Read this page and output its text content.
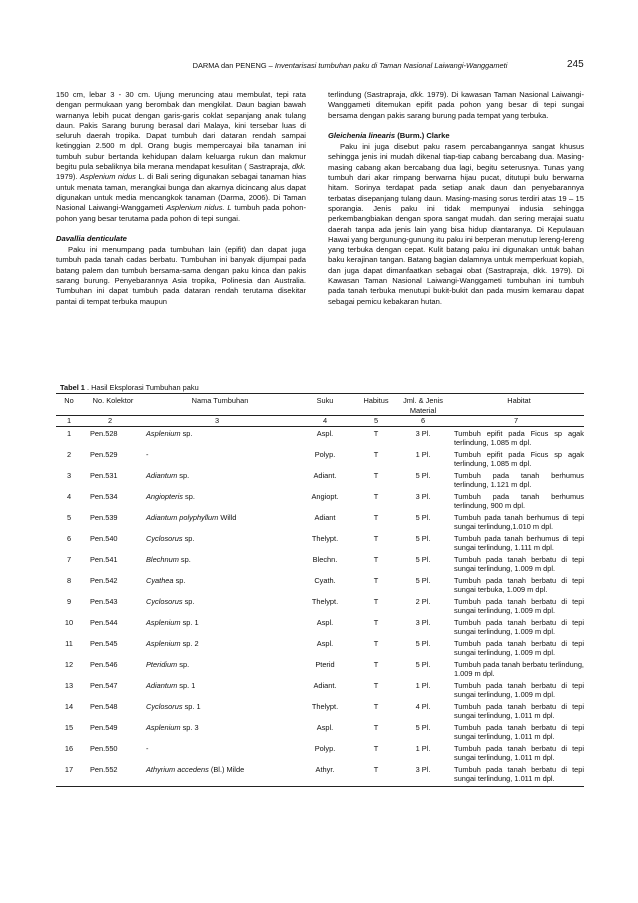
DARMA dan PENENG – Inventarisasi tumbuhan paku di Taman Nasional Laiwangi-Wanggameti	245

150 cm, lebar 3 - 30 cm. Ujung meruncing atau membulat, tepi rata dengan permukaan yang berombak dan mengkilat. Daun bagian bawah warnanya lebih pucat dengan garis-garis coklat sepanjang anak tulang daun. Pakis Sarang burung berasal dari Malaya, kini tersebar luas di seluruh daerah tropika. Dapat tumbuh dari dataran rendah sampai ketinggian 2.500 m dpl. Orang bugis mempercayai bila tanaman ini tumbuh subur bertanda kehidupan dalam keluarga rukun dan makmur begitu pula sebaliknya bila merana mendapat kesulitan ( Sastrapraja, dkk. 1979). Asplenium nidus L. di Bali sering digunakan sebagai tanaman hias untuk menata taman, merangkai bunga dan akarnya dicincang alus dapat digunakan untuk media mencangkok tanaman (Darma, 2006). Di Taman Nasional Laiwangi-Wanggameti Asplenium nidus. L tumbuh pada pohon-pohon yang besar terutama pada pohon di tepi sungai.

Davallia denticulate

Paku ini menumpang pada tumbuhan lain (epifit) dan dapat juga tumbuh pada tanah cadas berbatu. Tumbuhan ini banyak dijumpai pada batang palem dan tumbuh bersama-sama dengan paku kinca dan pakis sarang burung. Penyebarannya Asia tropika, Polinesia dan Australia. Tumbuhan ini dapat tumbuh pada dataran rendah terutama disekitar pantai di tempat terbuka maupun

terlindung (Sastrapraja, dkk. 1979). Di kawasan Taman Nasional Laiwangi-Wanggameti ditemukan epifit pada pohon yang besar di tepi sungai bersama dengan pakis sarang burung pada tempat yang terbuka.

Gleichenia linearis (Burm.) Clarke

Paku ini juga disebut paku rasem percabangannya sangat khusus sehingga jenis ini mudah dikenal tiap-tiap cabang bercabang dua. Masing-masing cabang akan bercabang dua lagi, begitu seterusnya. Tunas yang tumbuh dari akar rimpang berwarna hijau pucat, ditutupi bulu berwarna hitam. Sorinya terdapat pada setiap anak daun dan penyebarannya terbatas disepanjang tulang daun. Masing-masing sorus terdiri atas 19 – 15 sporangia. Jenis paku ini tidak mempunyai indusia sehingga perkembangbiakan dengan spora sangat mudah. dan sering merajai suatu daerah tanpa ada jenis lain yang bisa hidup diantaranya. Di Kepulauan Hawai yang bergunung-gunung itu paku ini berperan menutup lereng-lereng yang terbuka dengan cepat. Kulit batang paku ini digunakan untuk bahan baku kerajinan tangan. Batang bagian dalamnya untuk memperkuat kopiah, dan juga dapat dimanfaatkan sebagai obat (Sastrapraja, dkk. 1979). Di Kawasan Taman Nasional Laiwangi-Wanggameti tumbuhan ini tumbuh pada tanah terbuka menutupi bukit-bukit dan pada musim kemarau dapat sebagai pemicu kebakaran hutan.

Tabel 1 . Hasil Eksplorasi Tumbuhan paku
No	No. Kolektor	Nama Tumbuhan	Suku	Habitus	Jml. & Jenis Material	Habitat
1	2	3	4	5	6	7
1	Pen.528	Asplenium sp.	Aspl.	T	3 Pl.	Tumbuh epifit pada Ficus sp agak terlindung, 1.085 m dpl.
2	Pen.529	-	Polyp.	T	1 Pl.	Tumbuh epifit pada Ficus sp agak terlindung, 1.085 m dpl.
3	Pen.531	Adiantum sp.	Adiant.	T	5 Pl.	Tumbuh pada tanah berhumus terlindung, 1.121 m dpl.
4	Pen.534	Angiopteris sp.	Angiopt.	T	3 Pl.	Tumbuh pada tanah berhumus terlindung, 900 m dpl.
5	Pen.539	Adiantum polyphyllum Willd	Adiant	T	5 Pl.	Tumbuh pada tanah berhumus di tepi sungai terlindung,1.010 m dpl.
6	Pen.540	Cyclosorus sp.	Thelypt.	T	5 Pl.	Tumbuh pada tanah berhumus di tepi sungai terlindung, 1.111 m dpl.
7	Pen.541	Blechnum sp.	Blechn.	T	5 Pl.	Tumbuh pada tanah berbatu di tepi sungai terlindung, 1.009 m dpl.
8	Pen.542	Cyathea sp.	Cyath.	T	5 Pl.	Tumbuh pada tanah berbatu di tepi sungai terbuka, 1.009 m dpl.
9	Pen.543	Cyclosorus sp.	Thelypt.	T	2 Pl.	Tumbuh pada tanah berbatu di tepi sungai terlindung, 1.009 m dpl.
10	Pen.544	Asplenium sp. 1	Aspl.	T	3 Pl.	Tumbuh pada tanah berbatu di tepi sungai terlindung, 1.009 m dpl.
11	Pen.545	Asplenium sp. 2	Aspl.	T	5 Pl.	Tumbuh pada tanah berbatu di tepi sungai terlindung, 1.009 m dpl.
12	Pen.546	Pteridium sp.	Pterid	T	5 Pl.	Tumbuh pada tanah berbatu terlindung, 1.009 m dpl.
13	Pen.547	Adiantum sp. 1	Adiant.	T	1 Pl.	Tumbuh pada tanah berbatu di tepi sungai terlindung, 1.009 m dpl.
14	Pen.548	Cyclosorus sp. 1	Thelypt.	T	4 Pl.	Tumbuh pada tanah berbatu di tepi sungai terlindung, 1.011 m dpl.
15	Pen.549	Asplenium sp. 3	Aspl.	T	5 Pl.	Tumbuh pada tanah berbatu di tepi sungai terlindung, 1.011 m dpl.
16	Pen.550	-	Polyp.	T	1 Pl.	Tumbuh pada tanah berbatu di tepi sungai terlindung, 1.011 m dpl.
17	Pen.552	Athyrium accedens (Bl.) Milde	Athyr.	T	3 Pl.	Tumbuh pada tanah berbatu di tepi sungai terlindung, 1.011 m dpl.
